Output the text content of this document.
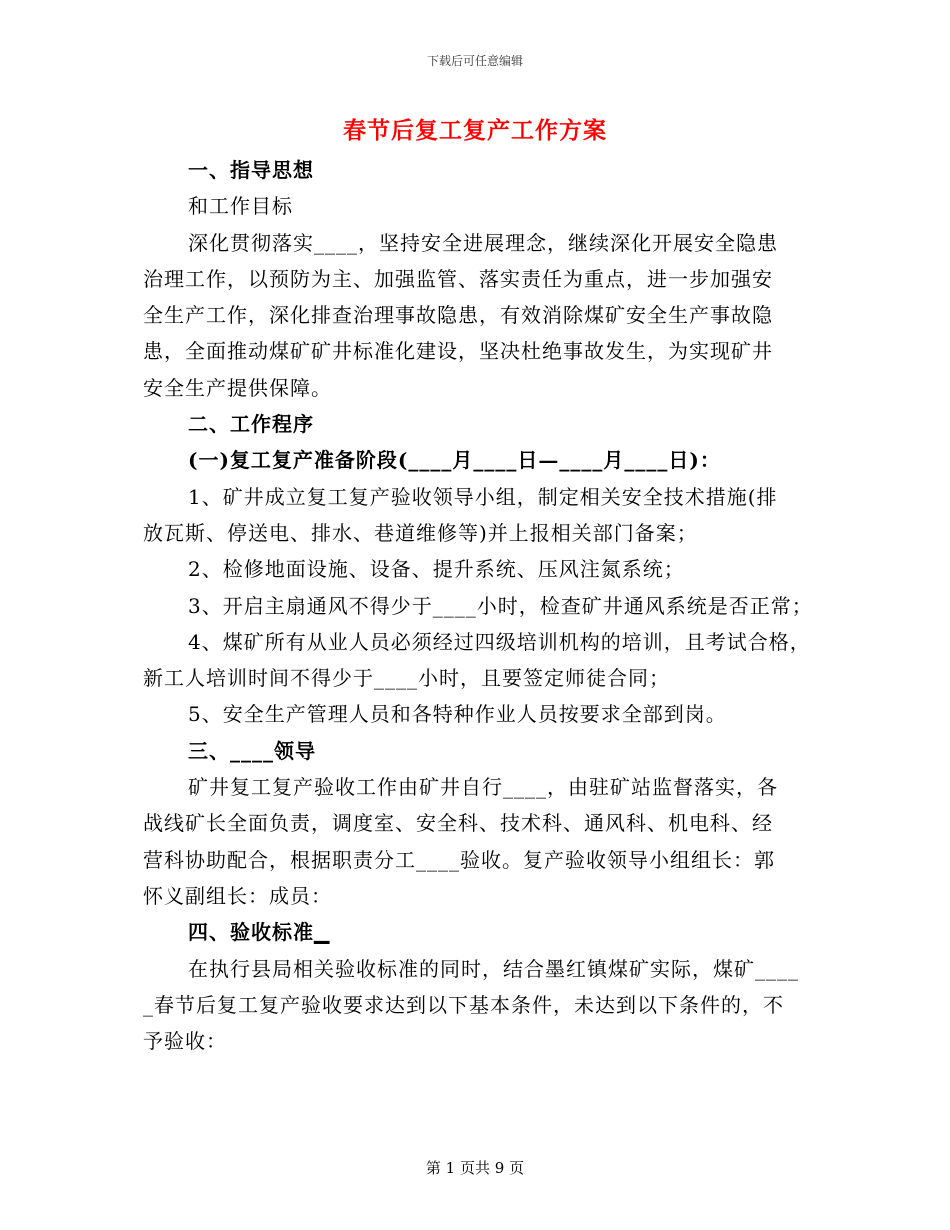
下载后可任意编辑
春节后复工复产工作方案
一、指导思想
和工作目标
深化贯彻落实____，坚持安全进展理念，继续深化开展安全隐患
治理工作，以预防为主、加强监管、落实责任为重点，进一步加强安
全生产工作，深化排查治理事故隐患，有效消除煤矿安全生产事故隐
患，全面推动煤矿矿井标准化建设，坚决杜绝事故发生，为实现矿井
安全生产提供保障。
二、工作程序
(一)复工复产准备阶段(____月____日—____月____日)：
1、矿井成立复工复产验收领导小组，制定相关安全技术措施(排
放瓦斯、停送电、排水、巷道维修等)并上报相关部门备案；
2、检修地面设施、设备、提升系统、压风注氮系统；
3、开启主扇通风不得少于____小时，检查矿井通风系统是否正常；
4、煤矿所有从业人员必须经过四级培训机构的培训，且考试合格，
新工人培训时间不得少于____小时，且要签定师徒合同；
5、安全生产管理人员和各特种作业人员按要求全部到岗。
三、____领导
矿井复工复产验收工作由矿井自行____，由驻矿站监督落实，各
战线矿长全面负责，调度室、安全科、技术科、通风科、机电科、经
营科协助配合，根据职责分工____验收。复产验收领导小组组长：郭
怀义副组长：成员：
四、验收标准▁
在执行县局相关验收标准的同时，结合墨红镇煤矿实际，煤矿____
_春节后复工复产验收要求达到以下基本条件，未达到以下条件的，不
予验收：
第 1 页共 9 页
